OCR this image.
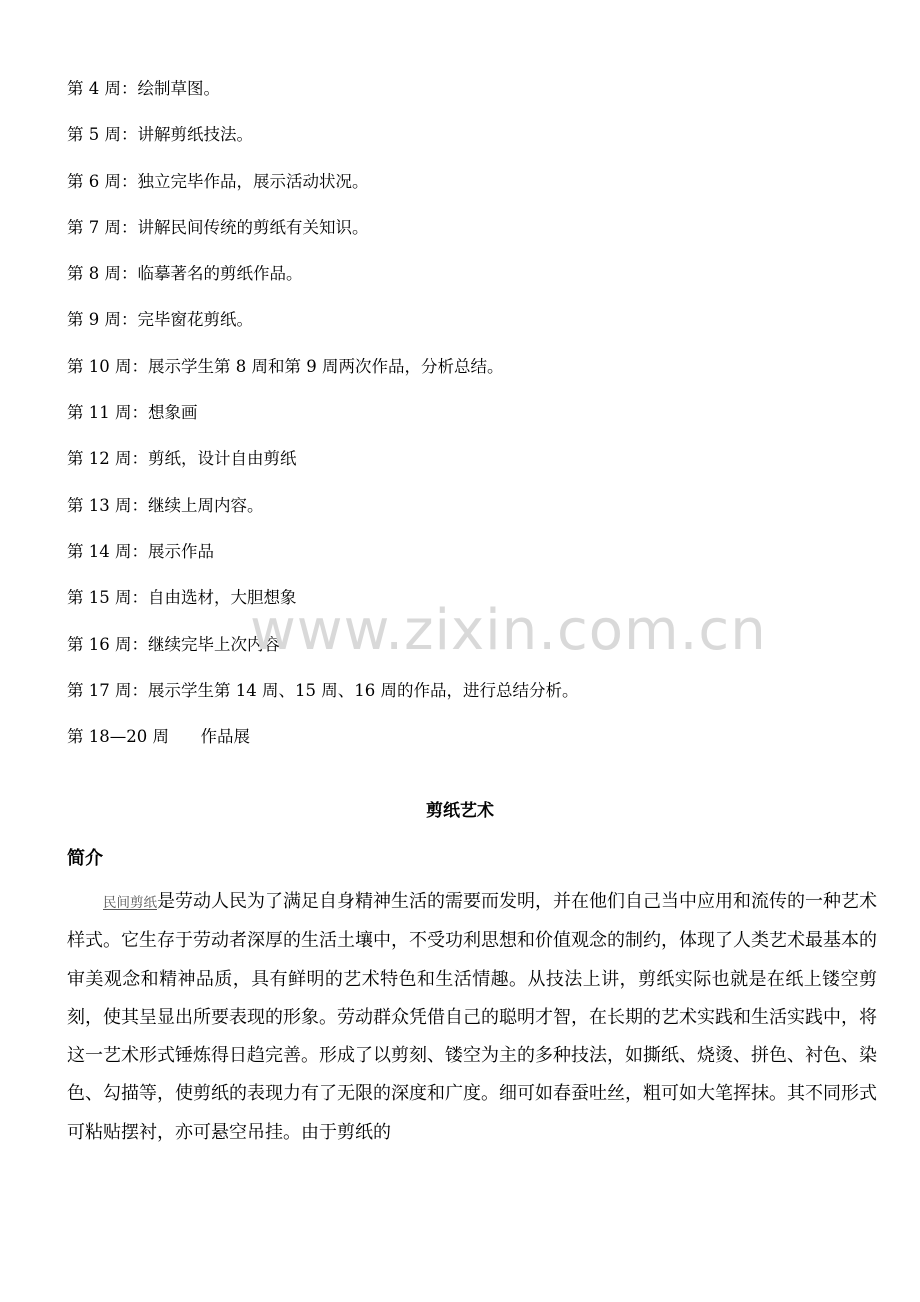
第 4 周：绘制草图。
第 5 周：讲解剪纸技法。
第 6 周：独立完毕作品，展示活动状况。
第 7 周：讲解民间传统的剪纸有关知识。
第 8 周：临摹著名的剪纸作品。
第 9 周：完毕窗花剪纸。
第 10 周：展示学生第 8 周和第 9 周两次作品，分析总结。
第 11 周：想象画
第 12 周：剪纸，设计自由剪纸
第 13 周：继续上周内容。
第 14 周：展示作品
第 15 周：自由选材，大胆想象
第 16 周：继续完毕上次内容
第 17 周：展示学生第 14 周、15 周、16 周的作品，进行总结分析。
第 18—20 周      作品展
www.zixin.com.cn
剪纸艺术
简介

民间剪纸是劳动人民为了满足自身精神生活的需要而发明，并在他们自己当中应用和流传的一种艺术样式。它生存于劳动者深厚的生活土壤中，不受功利思想和价值观念的制约，体现了人类艺术最基本的审美观念和精神品质，具有鲜明的艺术特色和生活情趣。从技法上讲，剪纸实际也就是在纸上镂空剪刻，使其呈显出所要表现的形象。劳动群众凭借自己的聪明才智，在长期的艺术实践和生活实践中，将这一艺术形式锤炼得日趋完善。形成了以剪刻、镂空为主的多种技法，如撕纸、烧烫、拼色、衬色、染色、勾描等，使剪纸的表现力有了无限的深度和广度。细可如春蚕吐丝，粗可如大笔挥抹。其不同形式可粘贴摆衬，亦可悬空吊挂。由于剪纸的
